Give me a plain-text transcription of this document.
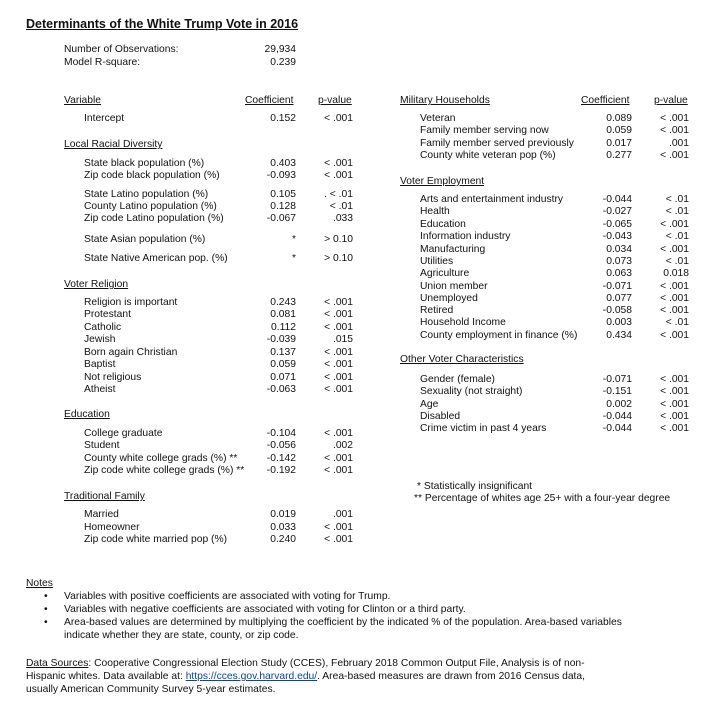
Determinants of the White Trump Vote in 2016
Number of Observations:	29,934
Model R-square:	0.239
Variable	Coefficient p-value	Military Households	Coefficient p-value
Intercept	0.152	< .001
Local Racial Diversity
Voter Religion
Education
Traditional Family
Voter Employment
Other Voter Characteristics
State black population (%)	0.403	< .001
Zip code black population (%)	-0.093	< .001
State Latino population (%)	0.105	. < .01
County Latino population (%)	0.128	< .01
Zip code Latino population (%)	-0.067	.033
State Asian population (%)	*	> 0.10
State Native American pop. (%)	*	> 0.10
Religion is important	0.243	< .001
Protestant	0.081	< .001
Catholic	0.112	< .001
Jewish	-0.039	.015
Born again Christian	0.137	< .001
Baptist	0.059	< .001
Not religious	0.071	< .001
Atheist	-0.063	< .001
College graduate	-0.104	< .001
Student	-0.056	.002
County white college grads (%) **	-0.142	< .001
Zip code white college grads (%) **	-0.192	< .001
Married	0.019	.001
Homeowner	0.033	< .001
Zip code white married pop (%)	0.240	< .001
Veteran	0.089	< .001
Family member serving now	0.059	< .001
Family member served previously	0.017	.001
County white veteran pop (%)	0.277	< .001
Arts and entertainment industry	-0.044	< .01
Health	-0.027	< .01
Education	-0.065	< .001
Information industry	-0.043	< .01
Manufacturing	0.034	< .001
Utilities	0.073	< .01
Agriculture	0.063	0.018
Union member	-0.071	< .001
Unemployed	0.077	< .001
Retired	-0.058	< .001
Household Income	0.003	< .01
County employment in finance (%)	0.434	< .001
Gender (female)	-0.071	< .001
Sexuality (not straight)	-0.151	< .001
Age	0.002	< .001
Disabled	-0.044	< .001
Crime victim in past 4 years	-0.044	< .001
* Statistically insignificant
** Percentage of whites age 25+ with a four-year degree
Notes
• Variables with positive coefficients are associated with voting for Trump.
• Variables with negative coefficients are associated with voting for Clinton or a third party.
• Area-based values are determined by multiplying the coefficient by the indicated % of the population. Area-based variables indicate whether they are state, county, or zip code.
Data Sources: Cooperative Congressional Election Study (CCES), February 2018 Common Output File, Analysis is of non-Hispanic whites. Data available at: https://cces.gov.harvard.edu/. Area-based measures are drawn from 2016 Census data, usually American Community Survey 5-year estimates.
